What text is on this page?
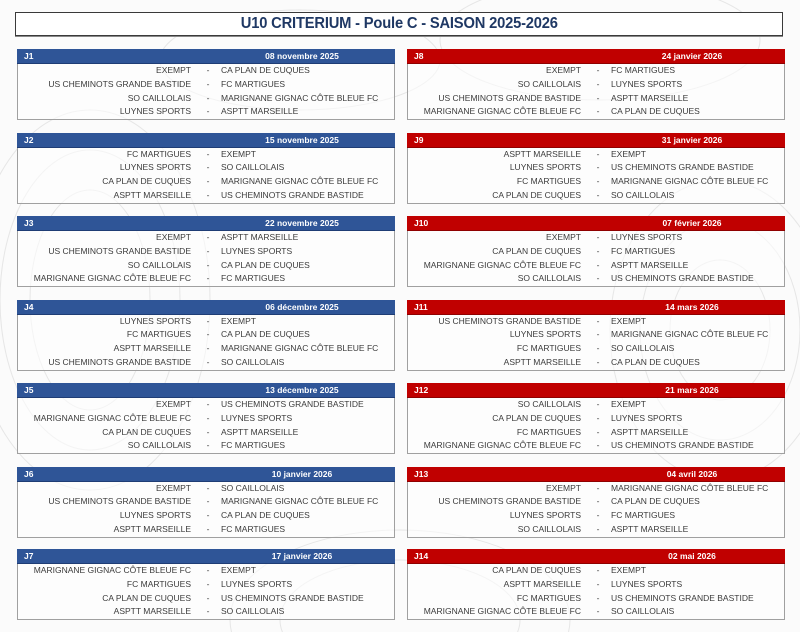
U10 CRITERIUM - Poule C - SAISON 2025-2026
J1	08 novembre 2025
EXEMPT	-	CA PLAN DE CUQUES
US CHEMINOTS GRANDE BASTIDE	-	FC MARTIGUES
SO CAILLOLAIS	-	MARIGNANE GIGNAC CÔTE BLEUE FC
LUYNES SPORTS	-	ASPTT MARSEILLE
J2	15 novembre 2025
FC MARTIGUES	-	EXEMPT
LUYNES SPORTS	-	SO CAILLOLAIS
CA PLAN DE CUQUES	-	MARIGNANE GIGNAC CÔTE BLEUE FC
ASPTT MARSEILLE	-	US CHEMINOTS GRANDE BASTIDE
J3	22 novembre 2025
EXEMPT	-	ASPTT MARSEILLE
US CHEMINOTS GRANDE BASTIDE	-	LUYNES SPORTS
SO CAILLOLAIS	-	CA PLAN DE CUQUES
MARIGNANE GIGNAC CÔTE BLEUE FC	-	FC MARTIGUES
J4	06 décembre 2025
LUYNES SPORTS	-	EXEMPT
FC MARTIGUES	-	CA PLAN DE CUQUES
ASPTT MARSEILLE	-	MARIGNANE GIGNAC CÔTE BLEUE FC
US CHEMINOTS GRANDE BASTIDE	-	SO CAILLOLAIS
J5	13 décembre 2025
EXEMPT	-	US CHEMINOTS GRANDE BASTIDE
MARIGNANE GIGNAC CÔTE BLEUE FC	-	LUYNES SPORTS
CA PLAN DE CUQUES	-	ASPTT MARSEILLE
SO CAILLOLAIS	-	FC MARTIGUES
J6	10 janvier 2026
EXEMPT	-	SO CAILLOLAIS
US CHEMINOTS GRANDE BASTIDE	-	MARIGNANE GIGNAC CÔTE BLEUE FC
LUYNES SPORTS	-	CA PLAN DE CUQUES
ASPTT MARSEILLE	-	FC MARTIGUES
J7	17 janvier 2026
MARIGNANE GIGNAC CÔTE BLEUE FC	-	EXEMPT
FC MARTIGUES	-	LUYNES SPORTS
CA PLAN DE CUQUES	-	US CHEMINOTS GRANDE BASTIDE
ASPTT MARSEILLE	-	SO CAILLOLAIS
J8	24 janvier 2026
EXEMPT	-	FC MARTIGUES
SO CAILLOLAIS	-	LUYNES SPORTS
US CHEMINOTS GRANDE BASTIDE	-	ASPTT MARSEILLE
MARIGNANE GIGNAC CÔTE BLEUE FC	-	CA PLAN DE CUQUES
J9	31 janvier 2026
ASPTT MARSEILLE	-	EXEMPT
LUYNES SPORTS	-	US CHEMINOTS GRANDE BASTIDE
FC MARTIGUES	-	MARIGNANE GIGNAC CÔTE BLEUE FC
CA PLAN DE CUQUES	-	SO CAILLOLAIS
J10	07 février 2026
EXEMPT	-	LUYNES SPORTS
CA PLAN DE CUQUES	-	FC MARTIGUES
MARIGNANE GIGNAC CÔTE BLEUE FC	-	ASPTT MARSEILLE
SO CAILLOLAIS	-	US CHEMINOTS GRANDE BASTIDE
J11	14 mars 2026
US CHEMINOTS GRANDE BASTIDE	-	EXEMPT
LUYNES SPORTS	-	MARIGNANE GIGNAC CÔTE BLEUE FC
FC MARTIGUES	-	SO CAILLOLAIS
ASPTT MARSEILLE	-	CA PLAN DE CUQUES
J12	21 mars 2026
SO CAILLOLAIS	-	EXEMPT
CA PLAN DE CUQUES	-	LUYNES SPORTS
FC MARTIGUES	-	ASPTT MARSEILLE
MARIGNANE GIGNAC CÔTE BLEUE FC	-	US CHEMINOTS GRANDE BASTIDE
J13	04 avril 2026
EXEMPT	-	MARIGNANE GIGNAC CÔTE BLEUE FC
US CHEMINOTS GRANDE BASTIDE	-	CA PLAN DE CUQUES
LUYNES SPORTS	-	FC MARTIGUES
SO CAILLOLAIS	-	ASPTT MARSEILLE
J14	02 mai 2026
CA PLAN DE CUQUES	-	EXEMPT
ASPTT MARSEILLE	-	LUYNES SPORTS
FC MARTIGUES	-	US CHEMINOTS GRANDE BASTIDE
MARIGNANE GIGNAC CÔTE BLEUE FC	-	SO CAILLOLAIS
